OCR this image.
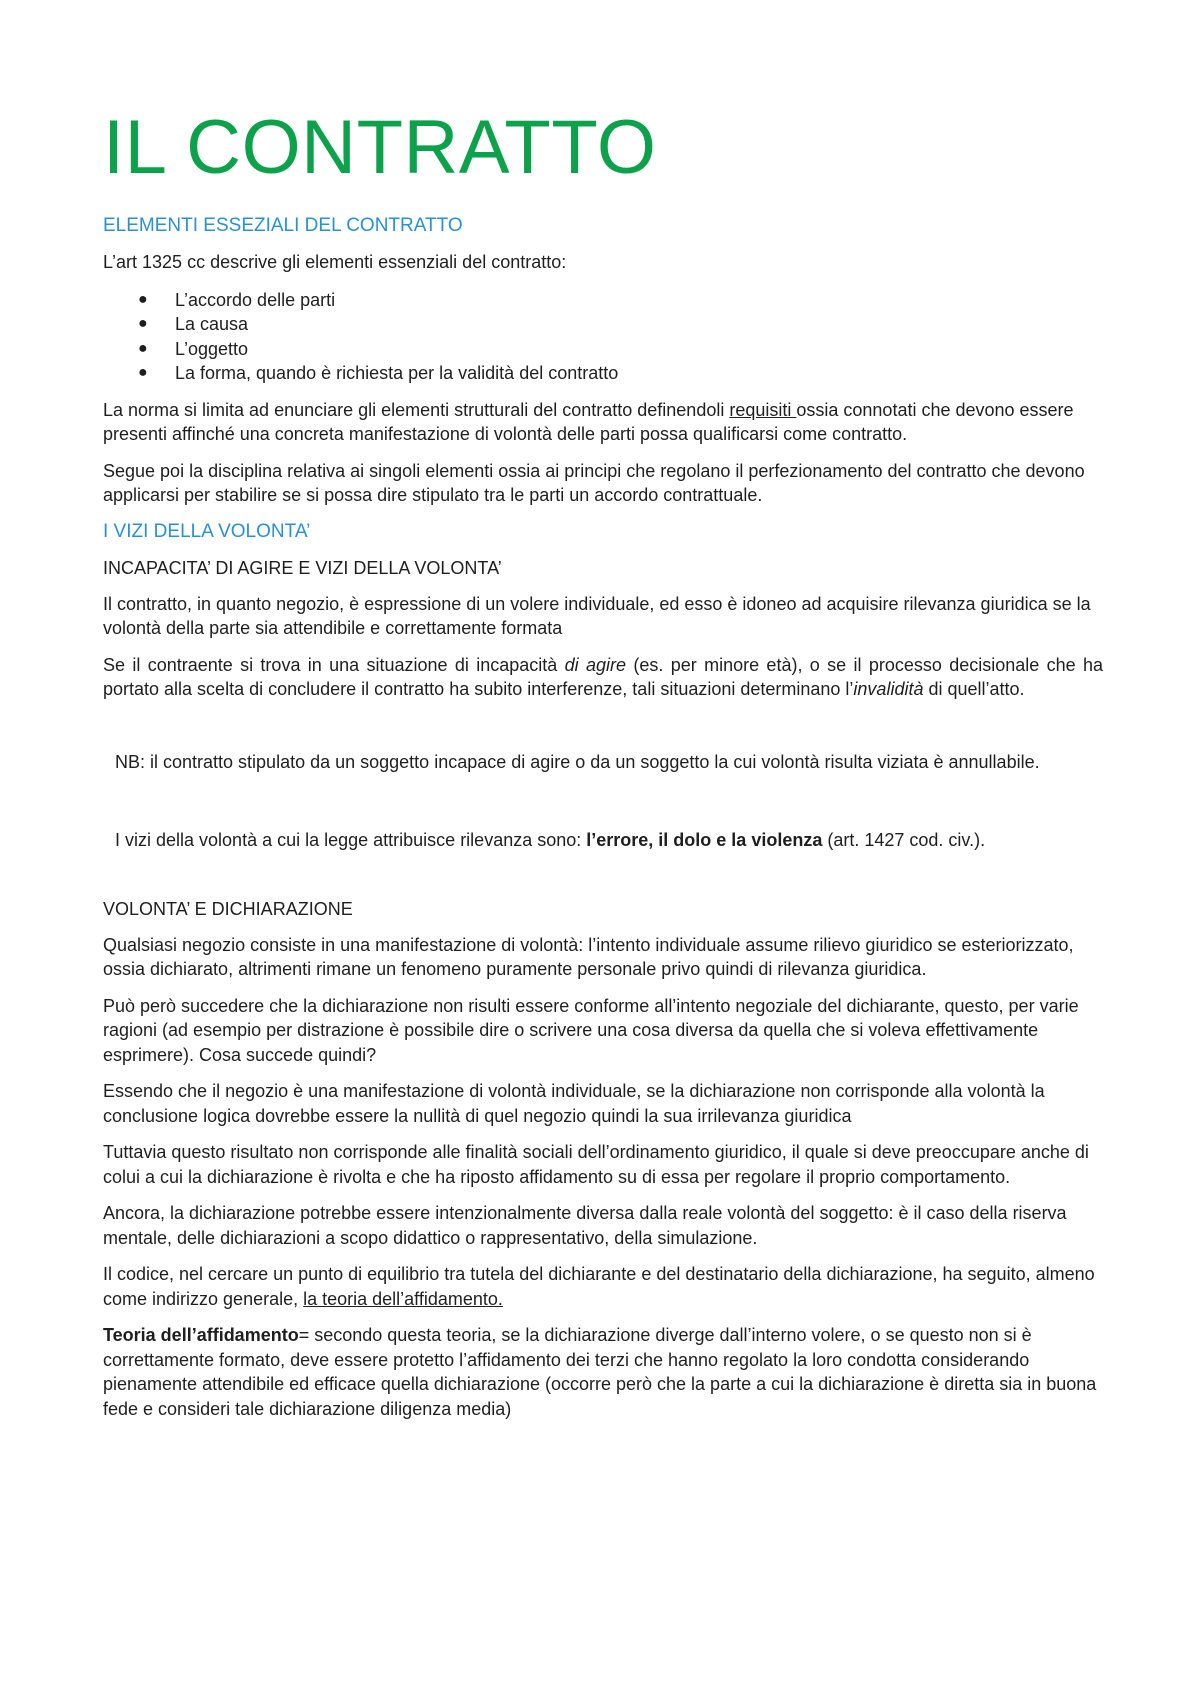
IL CONTRATTO
ELEMENTI ESSEZIALI DEL CONTRATTO

L’art 1325 cc descrive gli elementi essenziali del contratto:

● L’accordo delle parti
● La causa
● L’oggetto
● La forma, quando è richiesta per la validità del contratto

La norma si limita ad enunciare gli elementi strutturali del contratto definendoli requisiti ossia connotati che devono essere presenti affinché una concreta manifestazione di volontà delle parti possa qualificarsi come contratto.

Segue poi la disciplina relativa ai singoli elementi ossia ai principi che regolano il perfezionamento del contratto che devono applicarsi per stabilire se si possa dire stipulato tra le parti un accordo contrattuale.

I VIZI DELLA VOLONTA’
INCAPACITA’ DI AGIRE E VIZI DELLA VOLONTA’

Il contratto, in quanto negozio, è espressione di un volere individuale, ed esso è idoneo ad acquisire rilevanza giuridica se la volontà della parte sia attendibile e correttamente formata

Se il contraente si trova in una situazione di incapacità di agire (es. per minore età), o se il processo decisionale che ha portato alla scelta di concludere il contratto ha subito interferenze, tali situazioni determinano l’invalidità di quell’atto.

NB: il contratto stipulato da un soggetto incapace di agire o da un soggetto la cui volontà risulta viziata è annullabile.
I vizi della volontà a cui la legge attribuisce rilevanza sono: l’errore, il dolo e la violenza (art. 1427 cod. civ.).
VOLONTA’ E DICHIARAZIONE

Qualsiasi negozio consiste in una manifestazione di volontà: l’intento individuale assume rilievo giuridico se esteriorizzato, ossia dichiarato, altrimenti rimane un fenomeno puramente personale privo quindi di rilevanza giuridica.

Può però succedere che la dichiarazione non risulti essere conforme all’intento negoziale del dichiarante, questo, per varie ragioni (ad esempio per distrazione è possibile dire o scrivere una cosa diversa da quella che si voleva effettivamente esprimere). Cosa succede quindi?

Essendo che il negozio è una manifestazione di volontà individuale, se la dichiarazione non corrisponde alla volontà la conclusione logica dovrebbe essere la nullità di quel negozio quindi la sua irrilevanza giuridica

Tuttavia questo risultato non corrisponde alle finalità sociali dell’ordinamento giuridico, il quale si deve preoccupare anche di colui a cui la dichiarazione è rivolta e che ha riposto affidamento su di essa per regolare il proprio comportamento.

Ancora, la dichiarazione potrebbe essere intenzionalmente diversa dalla reale volontà del soggetto: è il caso della riserva mentale, delle dichiarazioni a scopo didattico o rappresentativo, della simulazione.

Il codice, nel cercare un punto di equilibrio tra tutela del dichiarante e del destinatario della dichiarazione, ha seguito, almeno come indirizzo generale, la teoria dell’affidamento.

Teoria dell’affidamento= secondo questa teoria, se la dichiarazione diverge dall’interno volere, o se questo non si è correttamente formato, deve essere protetto l’affidamento dei terzi che hanno regolato la loro condotta considerando pienamente attendibile ed efficace quella dichiarazione (occorre però che la parte a cui la dichiarazione è diretta sia in buona fede e consideri tale dichiarazione diligenza media)
